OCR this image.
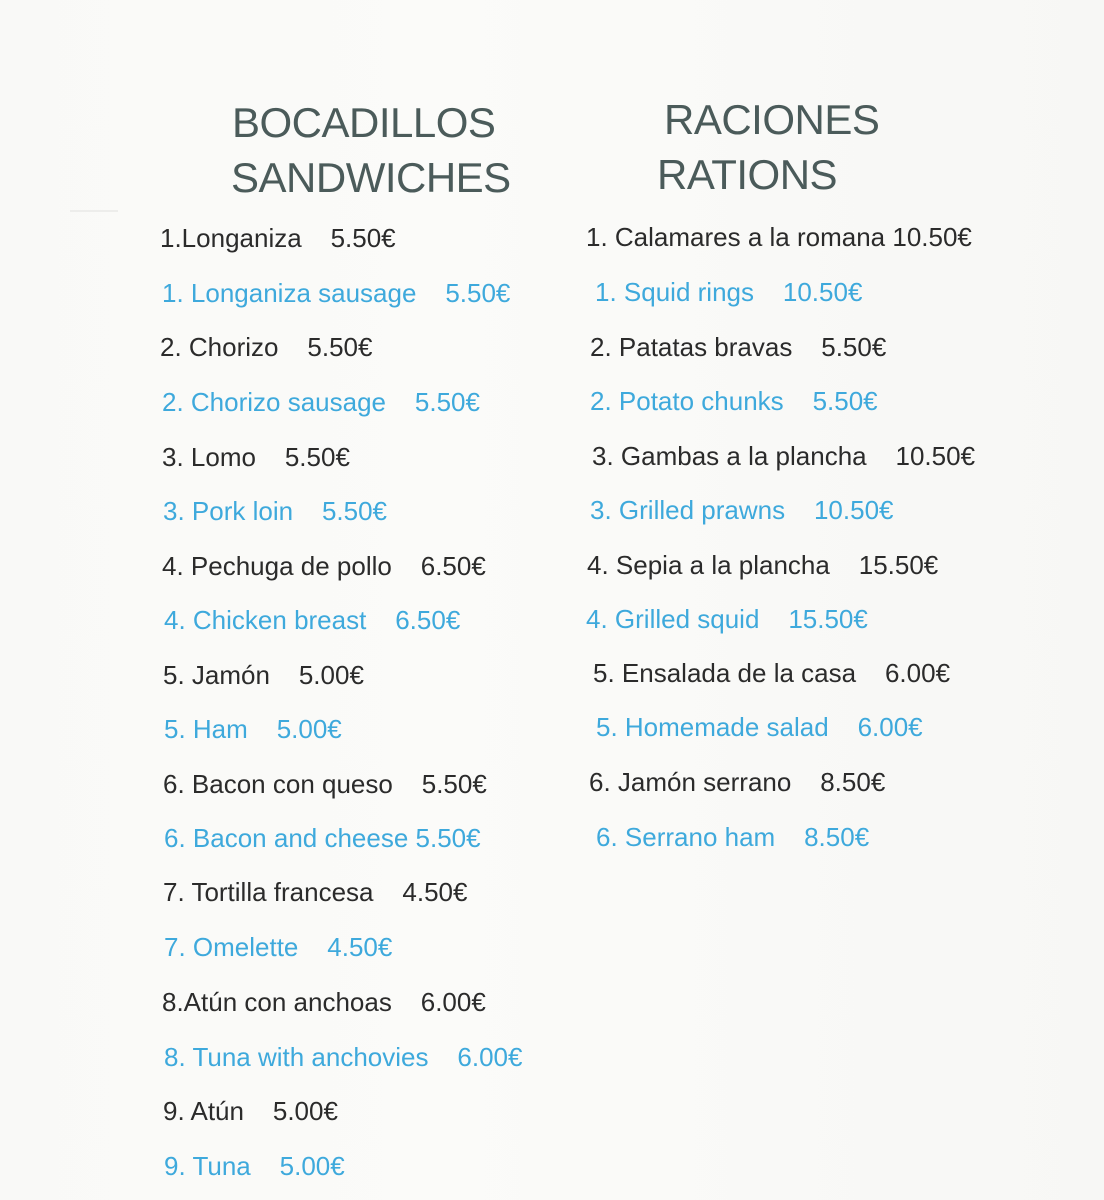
BOCADILLOS
SANDWICHES
RACIONES
RATIONS

1.Longaniza    5.50€

1. Longaniza sausage    5.50€

2. Chorizo    5.50€

2. Chorizo sausage    5.50€

3. Lomo    5.50€

3. Pork loin    5.50€

4. Pechuga de pollo    6.50€

4. Chicken breast    6.50€

5. Jamón    5.00€

5. Ham    5.00€

6. Bacon con queso    5.50€

6. Bacon and cheese 5.50€

7. Tortilla francesa    4.50€

7. Omelette    4.50€

8.Atún con anchoas    6.00€

8. Tuna with anchovies    6.00€

9. Atún    5.00€

9. Tuna    5.00€

1. Calamares a la romana 10.50€

1. Squid rings    10.50€

2. Patatas bravas    5.50€

2. Potato chunks    5.50€

3. Gambas a la plancha    10.50€

3. Grilled prawns    10.50€

4. Sepia a la plancha    15.50€

4. Grilled squid    15.50€

5. Ensalada de la casa    6.00€

5. Homemade salad    6.00€

6. Jamón serrano    8.50€

6. Serrano ham    8.50€
